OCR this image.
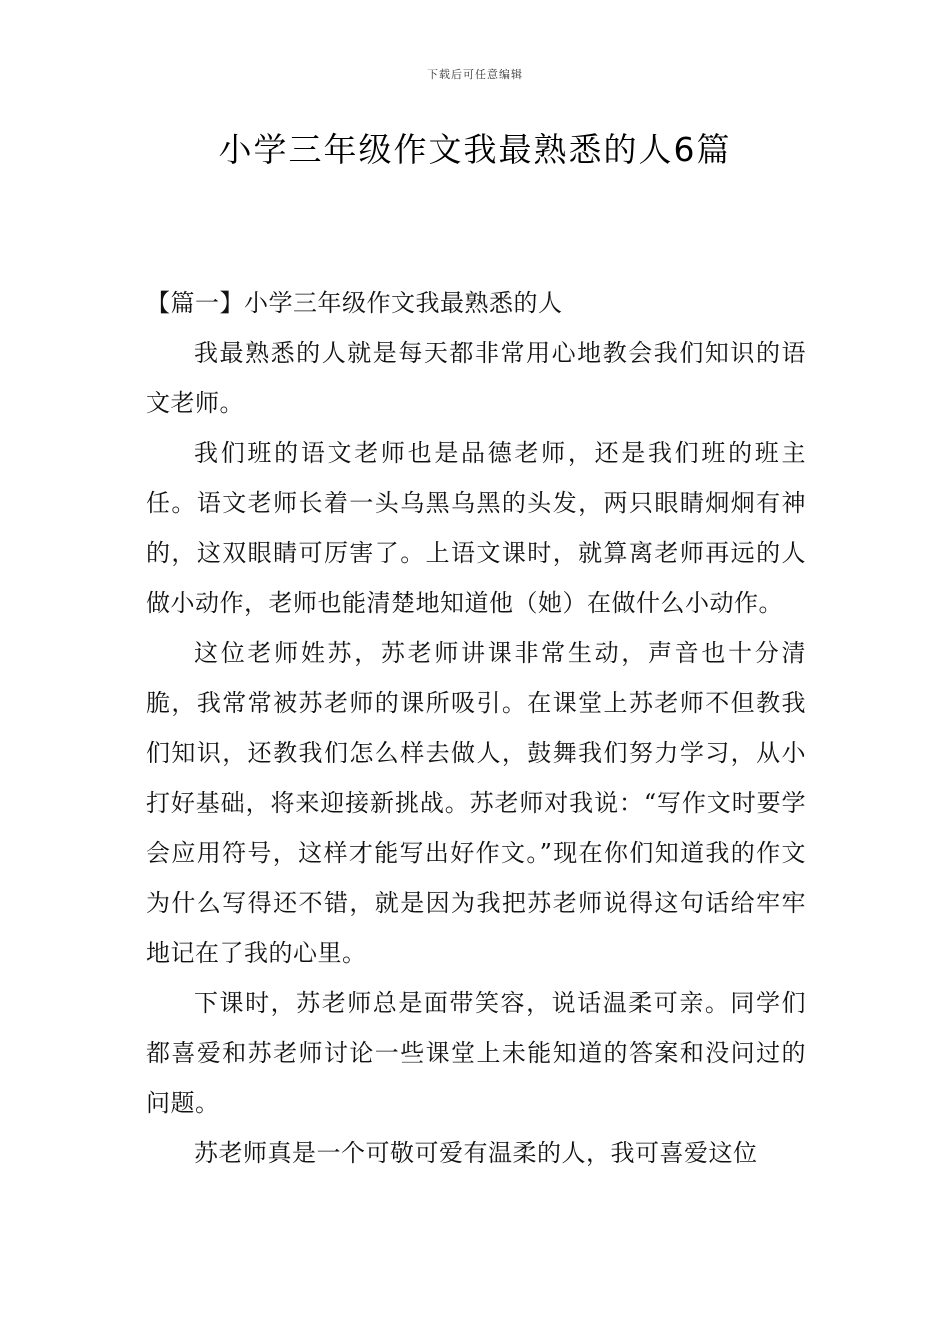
下载后可任意编辑
小学三年级作文我最熟悉的人6篇

【篇一】小学三年级作文我最熟悉的人

我最熟悉的人就是每天都非常用心地教会我们知识的语文老师。

我们班的语文老师也是品德老师，还是我们班的班主任。语文老师长着一头乌黑乌黑的头发，两只眼睛炯炯有神的，这双眼睛可厉害了。上语文课时，就算离老师再远的人做小动作，老师也能清楚地知道他（她）在做什么小动作。

这位老师姓苏，苏老师讲课非常生动，声音也十分清脆，我常常被苏老师的课所吸引。在课堂上苏老师不但教我们知识，还教我们怎么样去做人，鼓舞我们努力学习，从小打好基础，将来迎接新挑战。苏老师对我说：“写作文时要学会应用符号，这样才能写出好作文。”现在你们知道我的作文为什么写得还不错，就是因为我把苏老师说得这句话给牢牢地记在了我的心里。

下课时，苏老师总是面带笑容，说话温柔可亲。同学们都喜爱和苏老师讨论一些课堂上未能知道的答案和没问过的问题。

苏老师真是一个可敬可爱有温柔的人，我可喜爱这位
